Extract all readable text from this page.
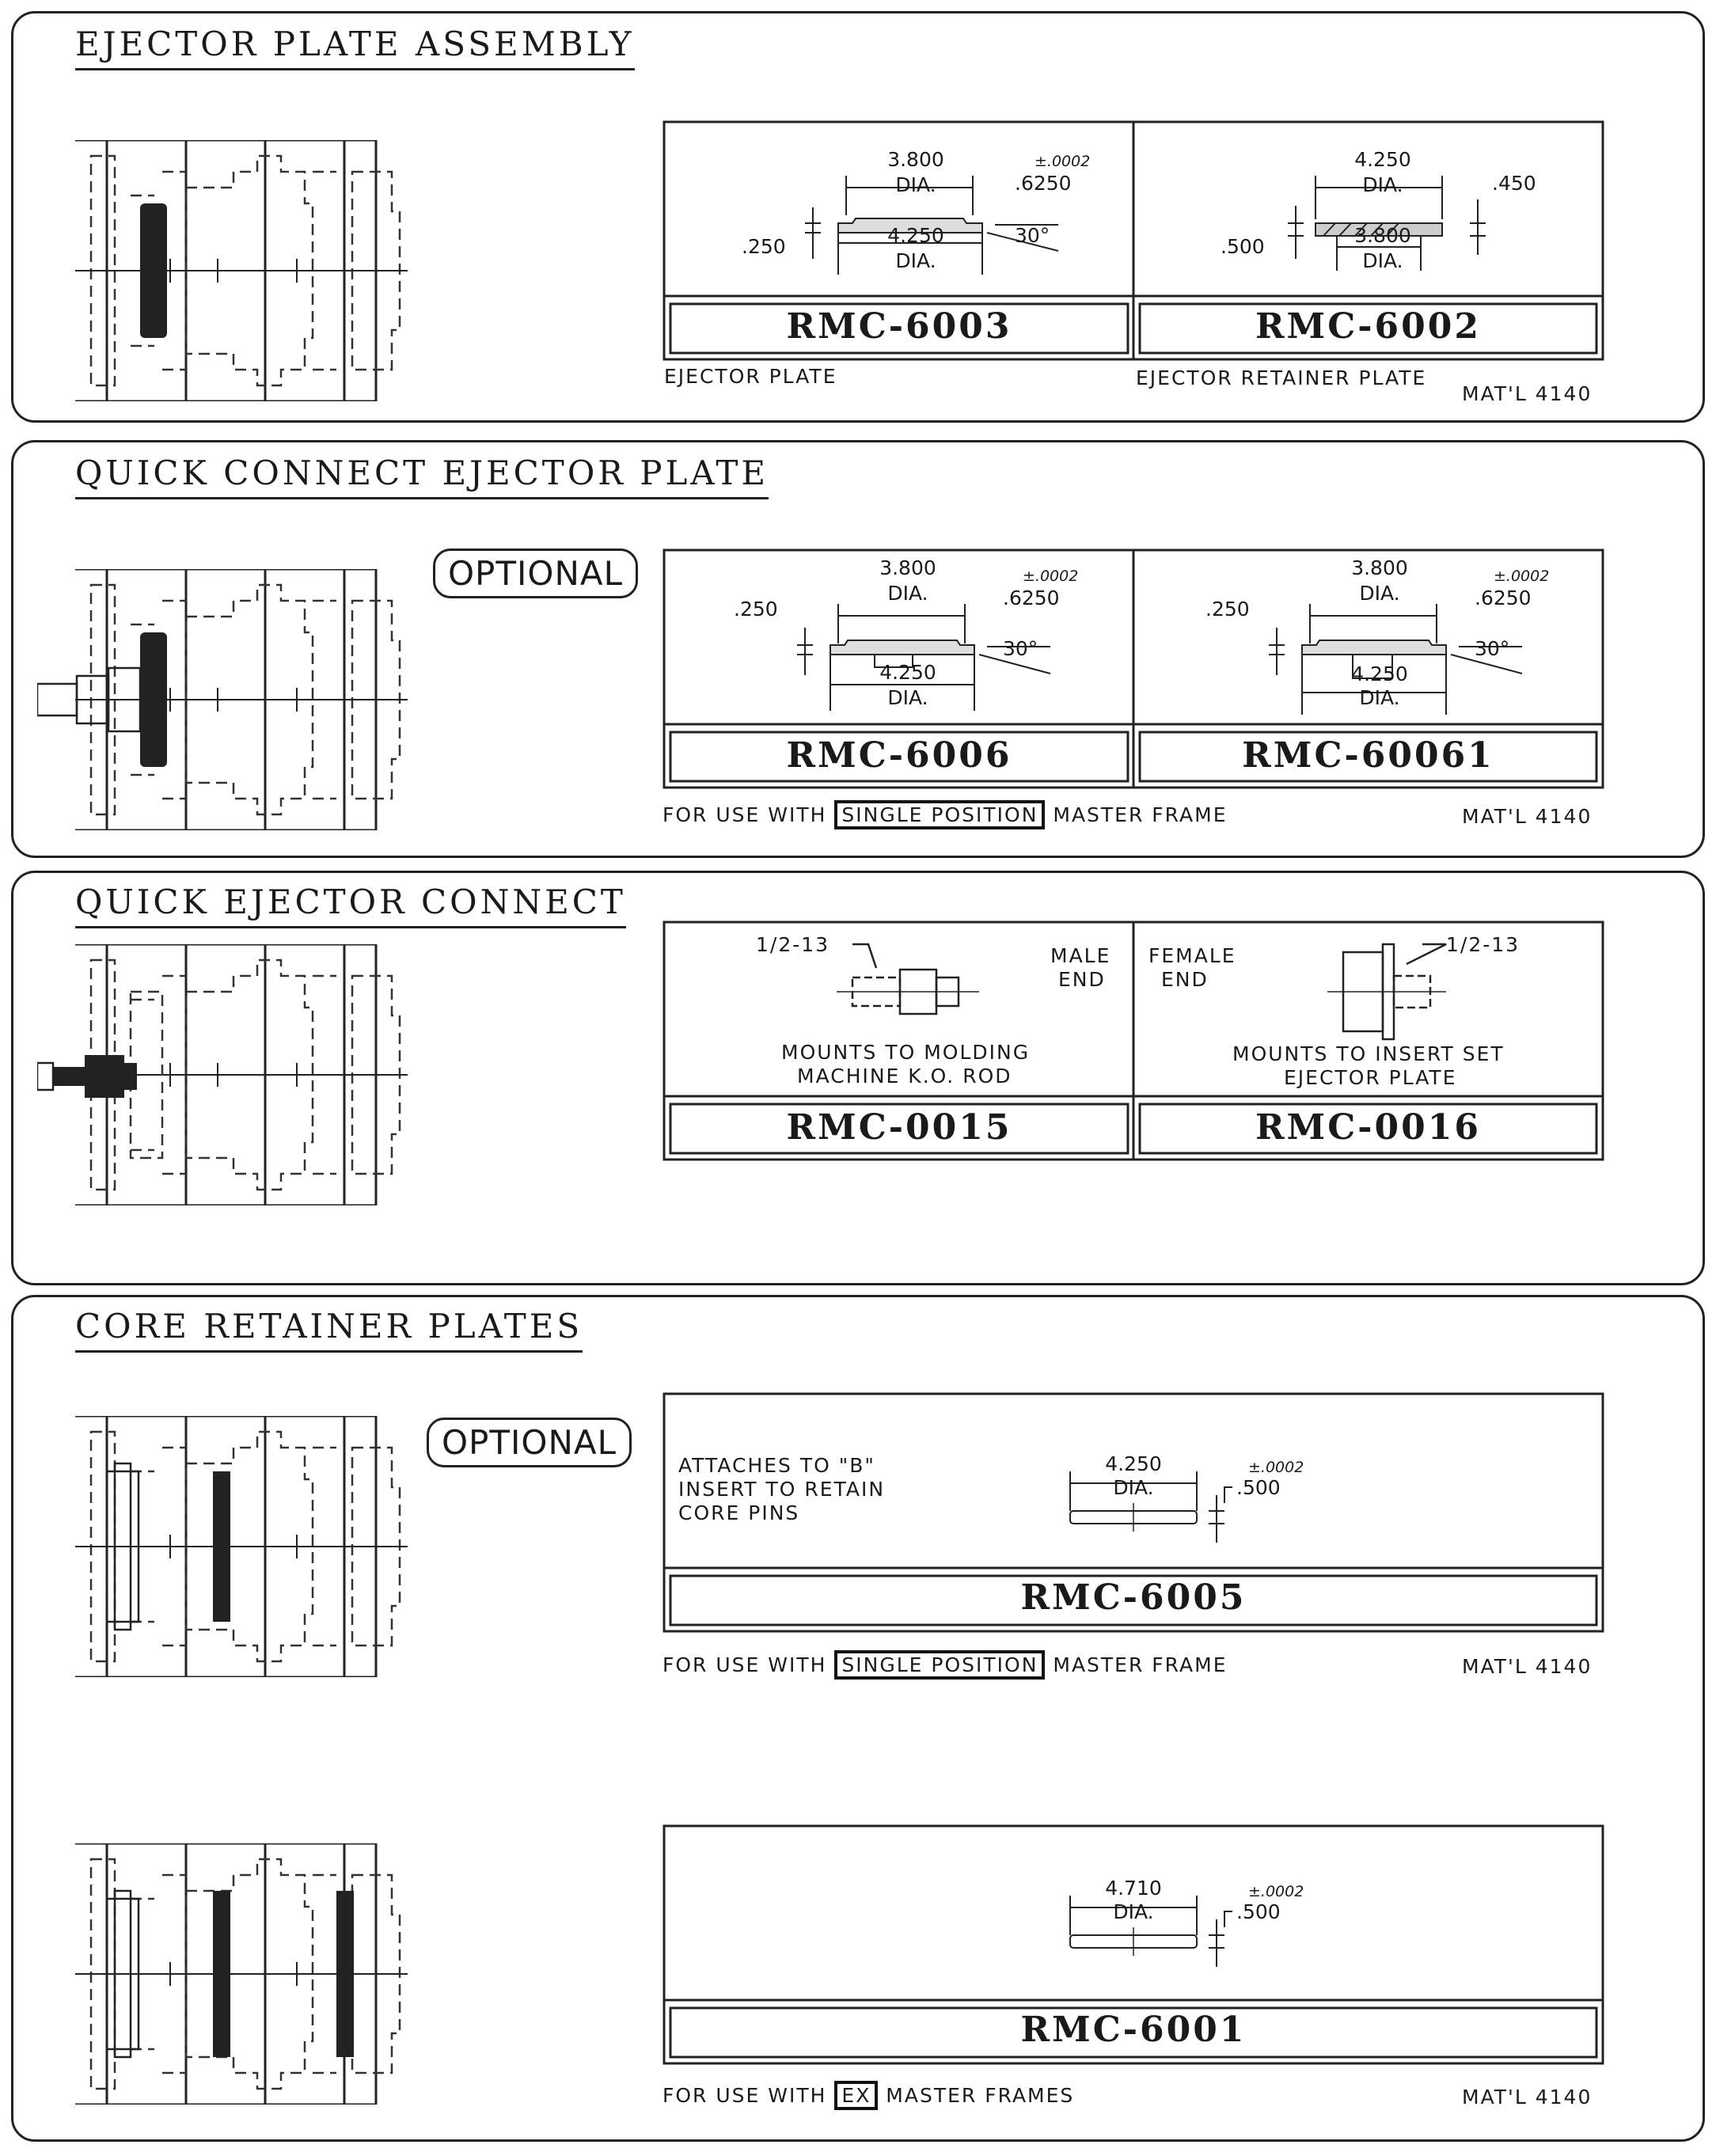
EJECTOR PLATE ASSEMBLY
3.800
DIA.
4.250
DIA.
.250
±.0002
.6250
30°
4.250
DIA.
3.800
DIA.
.500
.450
RMC-6003	RMC-6002
EJECTOR PLATE	EJECTOR RETAINER PLATE
MAT'L 4140
QUICK CONNECT EJECTOR PLATE
OPTIONAL	3.800
DIA.
4.250
DIA.
.250
±.0002
.6250
30°
3.800
DIA.
4.250
DIA.
.250
±.0002
.6250
30°
RMC-6006	RMC-60061
FOR USE WITH SINGLE POSITION MASTER FRAME	MAT'L 4140
QUICK EJECTOR CONNECT
1/2-13	MALE
END
MOUNTS TO MOLDING
MACHINE K.O. ROD
1/2-13
FEMALE
END
MOUNTS TO INSERT SET
EJECTOR PLATE
RMC-0015	RMC-0016
CORE RETAINER PLATES
OPTIONAL
ATTACHES TO "B"
INSERT TO RETAIN
CORE PINS
4.250
DIA.
±.0002
.500
RMC-6005
FOR USE WITH SINGLE POSITION MASTER FRAME	MAT'L 4140
4.710
DIA.
±.0002
.500
RMC-6001
FOR USE WITH EX MASTER FRAMES	MAT'L 4140
